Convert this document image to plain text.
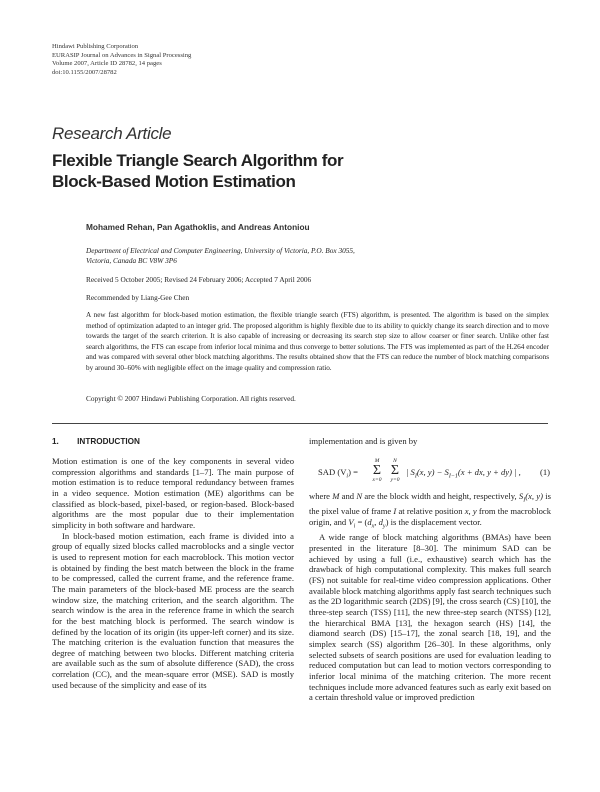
Hindawi Publishing Corporation
EURASIP Journal on Advances in Signal Processing
Volume 2007, Article ID 28782, 14 pages
doi:10.1155/2007/28782
Research Article
Flexible Triangle Search Algorithm for
Block-Based Motion Estimation
Mohamed Rehan, Pan Agathoklis, and Andreas Antoniou
Department of Electrical and Computer Engineering, University of Victoria, P.O. Box 3055,
Victoria, Canada BC V8W 3P6
Received 5 October 2005; Revised 24 February 2006; Accepted 7 April 2006
Recommended by Liang-Gee Chen
A new fast algorithm for block-based motion estimation, the flexible triangle search (FTS) algorithm, is presented. The algorithm is based on the simplex method of optimization adapted to an integer grid. The proposed algorithm is highly flexible due to its ability to quickly change its search direction and to move towards the target of the search criterion. It is also capable of increasing or decreasing its search step size to allow coarser or finer search. Unlike other fast search algorithms, the FTS can escape from inferior local minima and thus converge to better solutions. The FTS was implemented as part of the H.264 encoder and was compared with several other block matching algorithms. The results obtained show that the FTS can reduce the number of block matching comparisons by around 30–60% with negligible effect on the image quality and compression ratio.
Copyright © 2007 Hindawi Publishing Corporation. All rights reserved.
1. INTRODUCTION

Motion estimation is one of the key components in several video compression algorithms and standards [1–7]. The main purpose of motion estimation is to reduce temporal redundancy between frames in a video sequence. Motion estimation (ME) algorithms can be classified as block-based, pixel-based, or region-based. Block-based algorithms are the most popular due to their implementation simplicity in both software and hardware.

In block-based motion estimation, each frame is divided into a group of equally sized blocks called macroblocks and a single vector is used to represent motion for each macroblock. This motion vector is obtained by finding the best match between the block in the frame to be compressed, called the current frame, and the reference frame. The main parameters of the block-based ME process are the search window size, the matching criterion, and the search algorithm. The search window is the area in the reference frame in which the search for the best matching block is performed. The search window is defined by the location of its origin (its upper-left corner) and its size. The matching criterion is the evaluation function that measures the degree of matching between two blocks. Different matching criteria are available such as the sum of absolute difference (SAD), the cross correlation (CC), and the mean-square error (MSE). SAD is mostly used because of the simplicity and ease of its

implementation and is given by

SAD $(V_i)$ =
M
Σ
x=0
N
Σ
y=0
| $S_I(x$, $y) - S_{I-1}(x$ + dx, y + dy) | , (1)

where M and N are the block width and height, respectively, $S_I(x$, y) is the pixel value of frame I at relative position x, y from the macroblock origin, and $V_i = (d_x$, $d_y$) is the displacement vector.

A wide range of block matching algorithms (BMAs) have been presented in the literature [8–30]. The minimum SAD can be achieved by using a full (i.e., exhaustive) search which has the drawback of high computational complexity. This makes full search (FS) not suitable for real-time video compression applications. Other available block matching algorithms apply fast search techniques such as the 2D logarithmic search (2DS) [9], the cross search (CS) [10], the three-step search (TSS) [11], the new three-step search (NTSS) [12], the hierarchical BMA [13], the hexagon search (HS) [14], the diamond search (DS) [15–17], the zonal search [18, 19], and the simplex search (SS) algorithm [26–30]. In these algorithms, only selected subsets of search positions are used for evaluation leading to reduced computation but can lead to motion vectors corresponding to inferior local minima of the matching criterion. The more recent techniques include more advanced features such as early exit based on a certain threshold value or improved prediction
